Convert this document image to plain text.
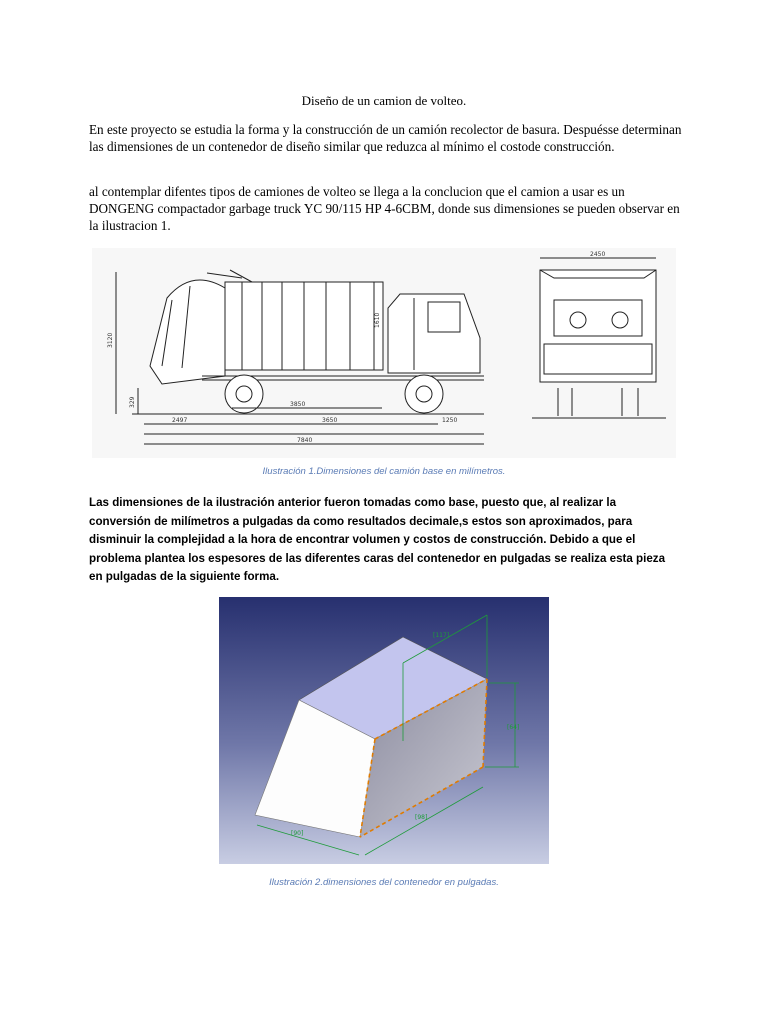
Diseño de un camion de volteo.
En este proyecto se estudia la forma y la construcción de un camión recolector de basura. Despuésse determinan las dimensiones de un contenedor de diseño similar que reduzca al mínimo el costode construcción.
al contemplar difentes tipos de camiones de volteo se llega a la conclucion que el camion a usar es un DONGENG compactador garbage truck YC 90/115 HP 4-6CBM, donde sus dimensiones se pueden observar en la ilustracion 1.
3120
1610
329	3850
2497	3650	1250
7840
2450
Ilustración 1.Dimensiones del camión base en milímetros.
Las dimensiones de la ilustración anterior fueron tomadas como base, puesto que, al realizar la conversión de milímetros a pulgadas da como resultados decimale,s estos son aproximados, para disminuir la complejidad a la hora de encontrar volumen y costos de construcción. Debido a que el problema plantea los espesores de las diferentes caras del contenedor en pulgadas se realiza esta pieza en pulgadas de la siguiente forma.
[117]
[64]
[98]
[90]
Ilustración 2.dimensiones del contenedor en pulgadas.
